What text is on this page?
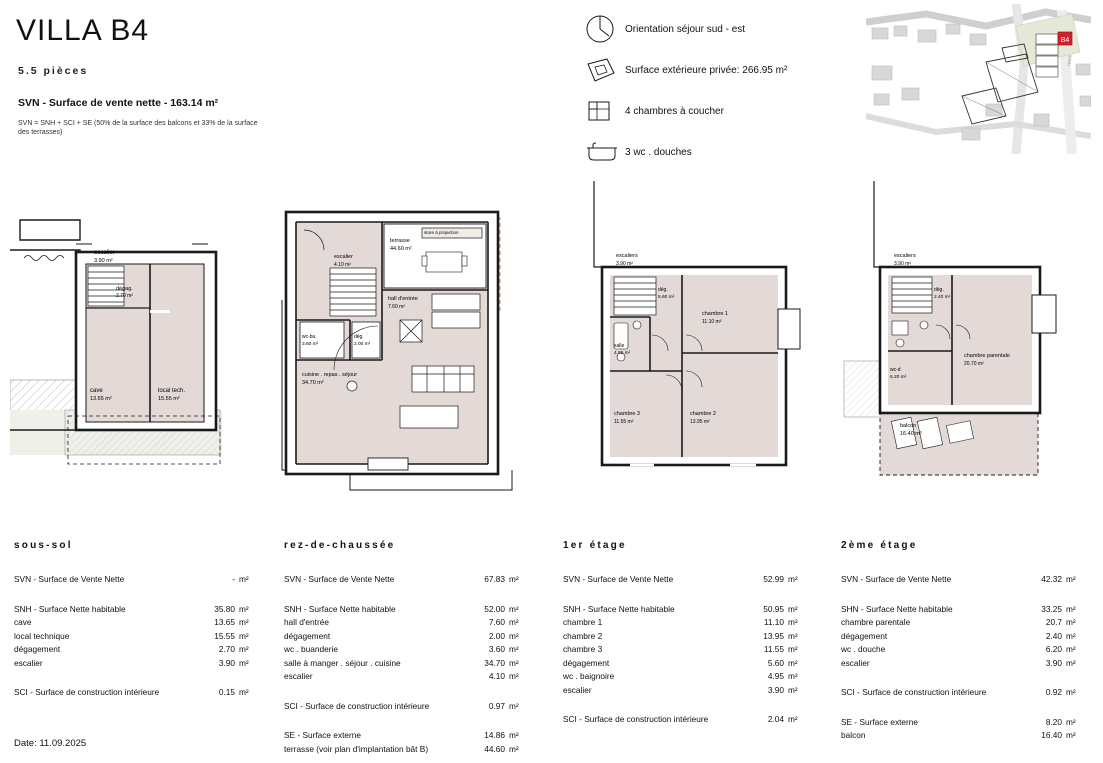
VILLA B4
5.5 pièces
SVN - Surface de vente nette - 163.14 m²
SVN = SNH + SCI + SE (50% de la surface des balcons et 33% de la surface des terrasses)
Orientation séjour sud - est
Surface extérieure privée: 266.95 m²
4 chambres à coucher
3 wc . douches
B4
route
escalier
3.90 m²
dégag.
2.70 m²
cave
13.65 m²
local tech.
15.55 m²
terrasse
44.60 m²
store à projection
escalier
4.10 m²
hall d'entrée
7.60 m²
wc-bu.
3.60 m²
dég.
2.00 m²
cuisine . repas . séjour
34.70 m²
escaliers
3.90 m²
dég.
5.60 m²
chambre 1
11.10 m²
salle
4.95 m²
chambre 3
11.55 m²
chambre 2
13.95 m²
escaliers
3.90 m²
dég.
2.40 m²
chambre parentale
20.70 m²
wc-d
6.20 m²
balcon
16.40 m²
sous-sol
SVN - Surface de Vente Nette	- m²
SNH - Surface Nette habitable	35.80 m²
cave	13.65 m²
local technique	15.55 m²
dégagement	2.70 m²
escalier	3.90 m²
SCI - Surface de construction intérieure	0.15 m²
rez-de-chaussée
SVN - Surface de Vente Nette	67.83 m²
SNH - Surface Nette habitable	52.00 m²
hall d'entrée	7.60 m²
dégagement	2.00 m²
wc . buanderie	3.60 m²
salle à manger . séjour . cuisine	34.70 m²
escalier	4.10 m²
SCI - Surface de construction intérieure	0.97 m²
SE - Surface externe	14.86 m²
terrasse (voir plan d'implantation bât B)	44.60 m²
1er étage
SVN - Surface de Vente Nette	52.99 m²
SNH - Surface Nette habitable	50.95 m²
chambre 1	11.10 m²
chambre 2	13.95 m²
chambre 3	11.55 m²
dégagement	5.60 m²
wc . baignoire	4.95 m²
escalier	3.90 m²
SCI - Surface de construction intérieure	2.04 m²
2ème étage
SVN - Surface de Vente Nette	42.32 m²
SHN - Surface Nette habitable	33.25 m²
chambre parentale	20.7 m²
dégagement	2.40 m²
wc . douche	6.20 m²
escalier	3.90 m²
SCI - Surface de construction intérieure	0.92 m²
SE - Surface externe	8.20 m²
balcon	16.40 m²
Date: 11.09.2025
